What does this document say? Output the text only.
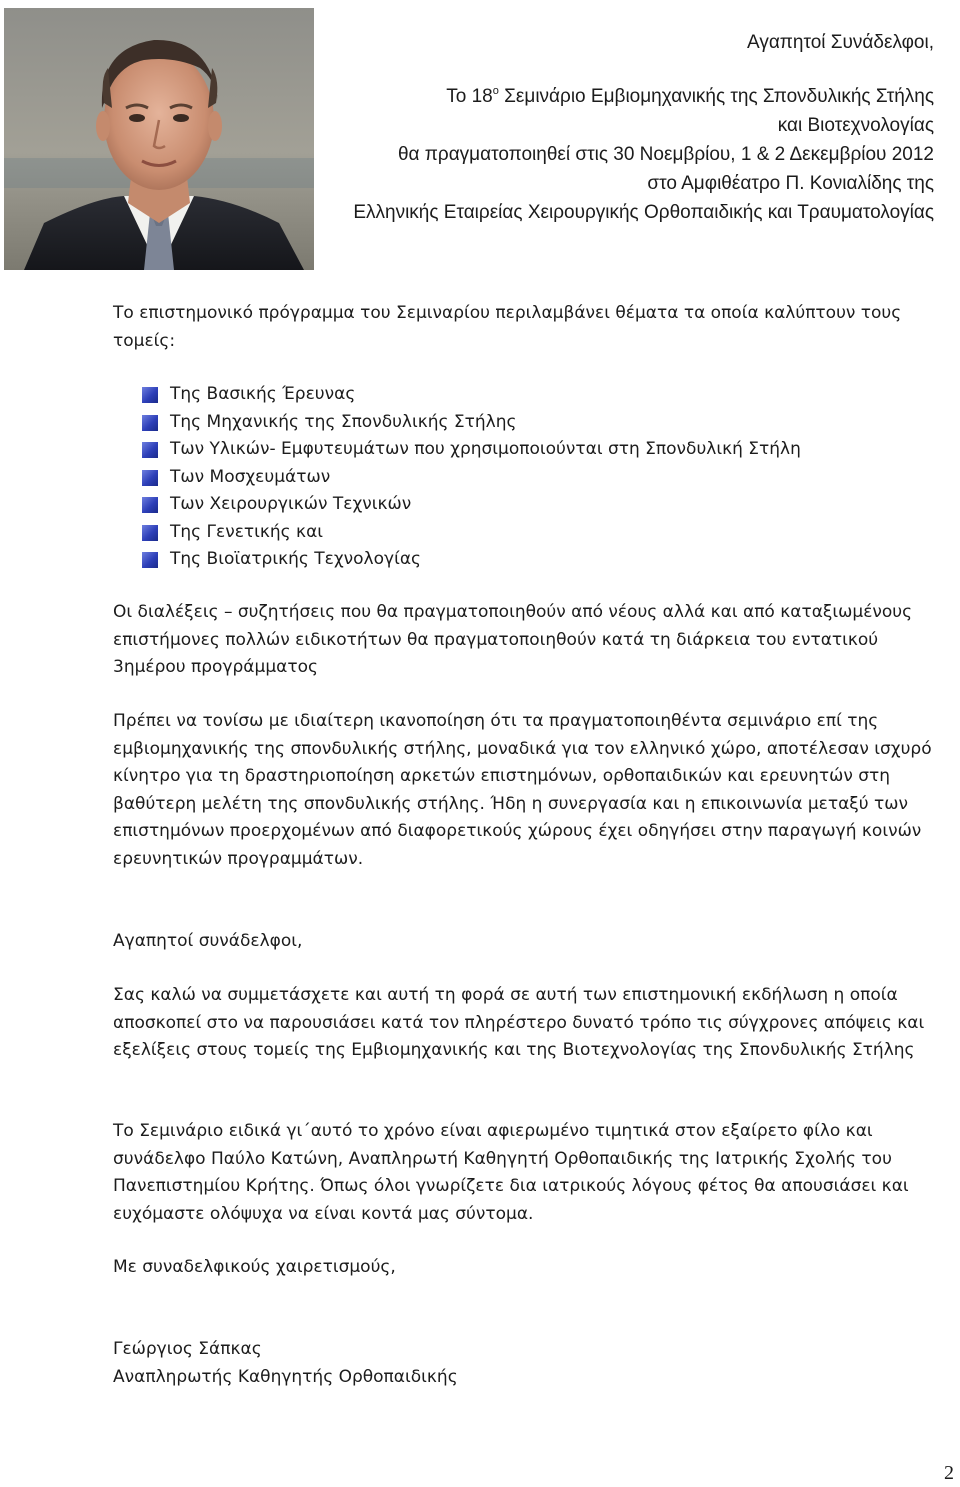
Αγαπητοί Συνάδελφοι,
Το $18^o$ Σεμινάριο Εμβιομηχανικής της Σπονδυλικής Στήλης
και Βιοτεχνολογίας
θα πραγματοποιηθεί στις 30 Νοεμβρίου, 1 & 2 Δεκεμβρίου 2012
στο Αμφιθέατρο Π. Κονιαλίδης της
Ελληνικής Εταιρείας Χειρουργικής Ορθοπαιδικής και Τραυματολογίας

Το επιστημονικό πρόγραμμα του Σεμιναρίου περιλαμβάνει θέματα τα οποία καλύπτουν τους τομείς:

Της Βασικής Έρευνας
Της Μηχανικής της Σπονδυλικής Στήλης
Των Υλικών- Εμφυτευμάτων που χρησιμοποιούνται στη Σπονδυλική Στήλη
Των Μοσχευμάτων
Των Χειρουργικών Τεχνικών
Της Γενετικής και
Της Βιοϊατρικής Τεχνολογίας

Οι διαλέξεις – συζητήσεις που θα πραγματοποιηθούν από νέους αλλά και από καταξιωμένους επιστήμονες πολλών ειδικοτήτων θα πραγματοποιηθούν κατά τη διάρκεια του εντατικού 3ημέρου προγράμματος

Πρέπει να τονίσω με ιδιαίτερη ικανοποίηση ότι τα πραγματοποιηθέντα σεμινάριο επί της εμβιομηχανικής της σπονδυλικής στήλης, μοναδικά για τον ελληνικό χώρο, αποτέλεσαν ισχυρό κίνητρο για τη δραστηριοποίηση αρκετών επιστημόνων, ορθοπαιδικών και ερευνητών στη βαθύτερη μελέτη της σπονδυλικής στήλης. Ήδη η συνεργασία και η επικοινωνία μεταξύ των επιστημόνων προερχομένων από διαφορετικούς χώρους έχει οδηγήσει στην παραγωγή κοινών ερευνητικών προγραμμάτων.

Αγαπητοί συνάδελφοι,

Σας καλώ να συμμετάσχετε και αυτή τη φορά σε αυτή των επιστημονική εκδήλωση η οποία αποσκοπεί στο να παρουσιάσει κατά τον πληρέστερο δυνατό τρόπο τις σύγχρονες απόψεις και εξελίξεις στους τομείς της Εμβιομηχανικής και της Βιοτεχνολογίας της Σπονδυλικής Στήλης

Το Σεμινάριο ειδικά γι΄αυτό το χρόνο είναι αφιερωμένο τιμητικά στον εξαίρετο φίλο και συνάδελφο Παύλο Κατώνη, Αναπληρωτή Καθηγητή Ορθοπαιδικής της Ιατρικής Σχολής του Πανεπιστημίου Κρήτης. Όπως όλοι γνωρίζετε δια ιατρικούς λόγους φέτος θα απουσιάσει και ευχόμαστε ολόψυχα να είναι κοντά μας σύντομα.

Με συναδελφικούς χαιρετισμούς,

Γεώργιος Σάπκας
Αναπληρωτής Καθηγητής Ορθοπαιδικής
2
